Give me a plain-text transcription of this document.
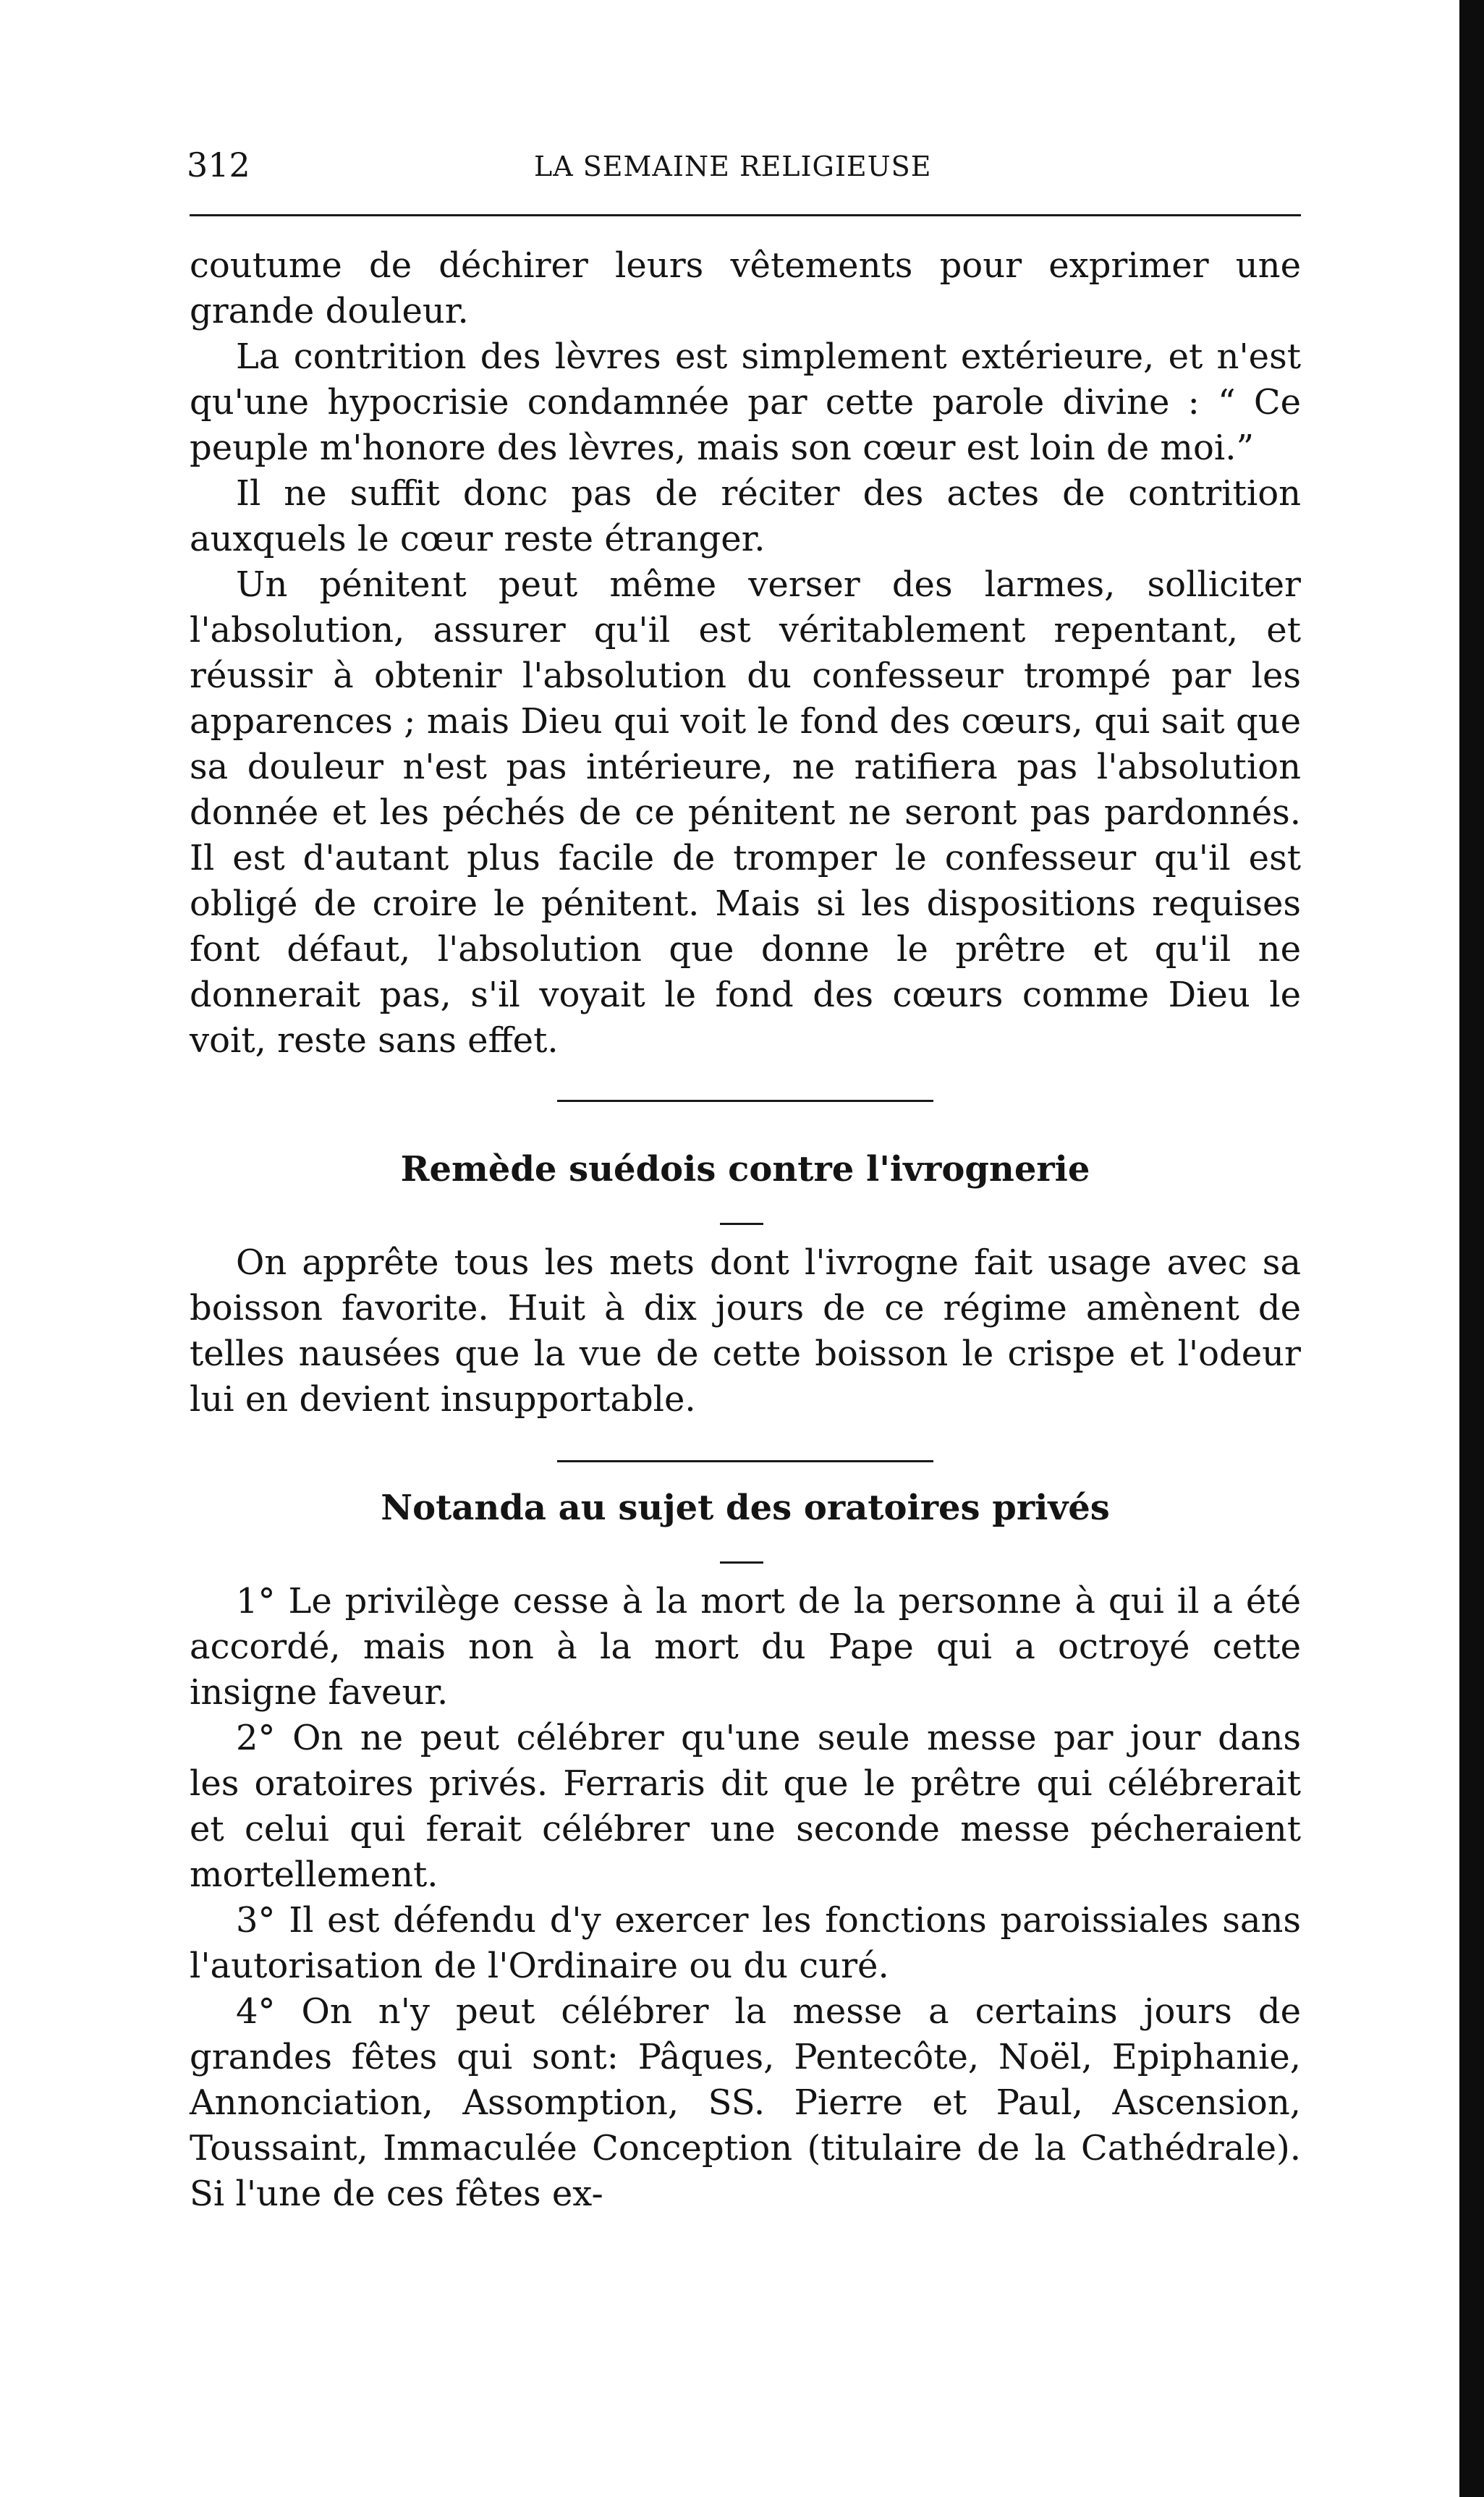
312	LA SEMAINE RELIGIEUSE

coutume de déchirer leurs vêtements pour exprimer une grande douleur.

La contrition des lèvres est simplement extérieure, et n'est qu'une hypocrisie condamnée par cette parole divine : “ Ce peuple m'honore des lèvres, mais son cœur est loin de moi.”

Il ne suffit donc pas de réciter des actes de contrition auxquels le cœur reste étranger.

Un pénitent peut même verser des larmes, solliciter l'absolution, assurer qu'il est véritablement repentant, et réussir à obtenir l'absolution du confesseur trompé par les apparences ; mais Dieu qui voit le fond des cœurs, qui sait que sa douleur n'est pas intérieure, ne ratifiera pas l'absolution donnée et les péchés de ce pénitent ne seront pas pardonnés. Il est d'autant plus facile de tromper le confesseur qu'il est obligé de croire le pénitent. Mais si les dispositions requises font défaut, l'absolution que donne le prêtre et qu'il ne donnerait pas, s'il voyait le fond des cœurs comme Dieu le voit, reste sans effet.

Remède suédois contre l'ivrognerie

On apprête tous les mets dont l'ivrogne fait usage avec sa boisson favorite. Huit à dix jours de ce régime amènent de telles nausées que la vue de cette boisson le crispe et l'odeur lui en devient insupportable.

Notanda au sujet des oratoires privés

1° Le privilège cesse à la mort de la personne à qui il a été accordé, mais non à la mort du Pape qui a octroyé cette insigne faveur.

2° On ne peut célébrer qu'une seule messe par jour dans les oratoires privés. Ferraris dit que le prêtre qui célébrerait et celui qui ferait célébrer une seconde messe pécheraient mortellement.

3° Il est défendu d'y exercer les fonctions paroissiales sans l'autorisation de l'Ordinaire ou du curé.

4° On n'y peut célébrer la messe a certains jours de grandes fêtes qui sont: Pâques, Pentecôte, Noël, Epiphanie, Annonciation, Assomption, SS. Pierre et Paul, Ascension, Toussaint, Immaculée Conception (titulaire de la Cathédrale). Si l'une de ces fêtes ex-
